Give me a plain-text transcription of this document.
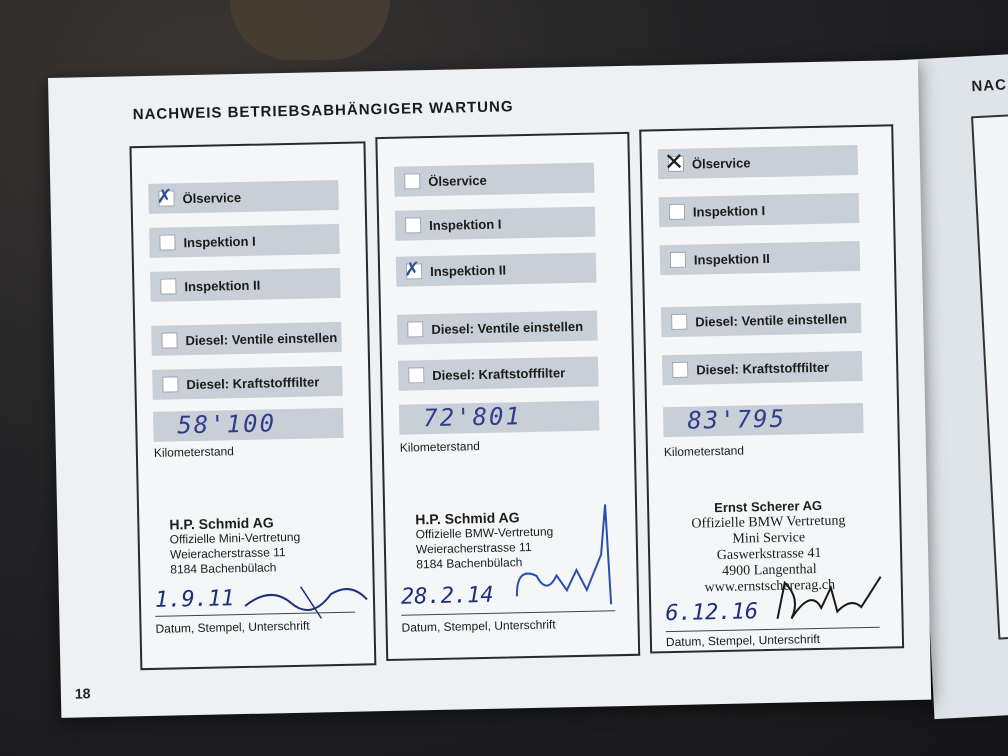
NAC
NACHWEIS BETRIEBSABHÄNGIGER WARTUNG
18
✗ Ölservice
Inspektion I
Inspektion II
Diesel: Ventile einstellen
Diesel: Kraftstofffilter
58'100
Kilometerstand
H.P. Schmid AG
Offizielle Mini-Vertretung
Weieracherstrasse 11
8184 Bachenbülach
1.9.11
Datum, Stempel, Unterschrift
Ölservice
Inspektion I
✗ Inspektion II
Diesel: Ventile einstellen
Diesel: Kraftstofffilter
72'801
Kilometerstand
H.P. Schmid AG
Offizielle BMW-Vertretung
Weieracherstrasse 11
8184 Bachenbülach
28.2.14
Datum, Stempel, Unterschrift
✕ Ölservice
Inspektion I
Inspektion II
Diesel: Ventile einstellen
Diesel: Kraftstofffilter
83'795
Kilometerstand
Ernst Scherer AG
Offizielle BMW Vertretung
Mini Service
Gaswerkstrasse 41
4900 Langenthal
www.ernstschererag.ch
6.12.16
Datum, Stempel, Unterschrift
